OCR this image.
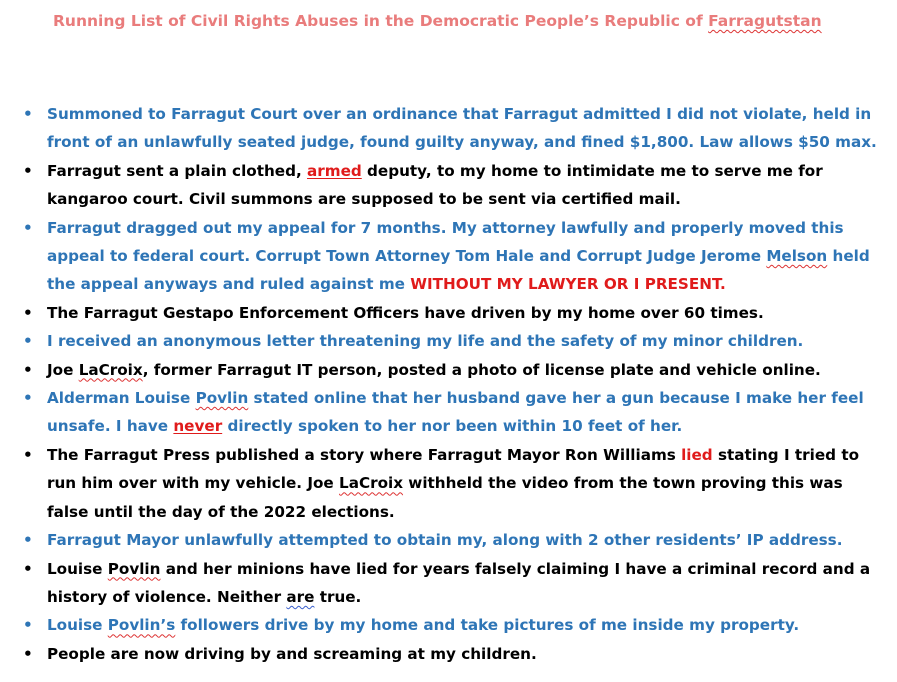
Running List of Civil Rights Abuses in the Democratic People’s Republic of Farragutstan
• Summoned to Farragut Court over an ordinance that Farragut admitted I did not violate, held in front of an unlawfully seated judge, found guilty anyway, and fined $1,800. Law allows $50 max.
• Farragut sent a plain clothed, armed deputy, to my home to intimidate me to serve me for kangaroo court. Civil summons are supposed to be sent via certified mail.
• Farragut dragged out my appeal for 7 months. My attorney lawfully and properly moved this appeal to federal court. Corrupt Town Attorney Tom Hale and Corrupt Judge Jerome Melson held the appeal anyways and ruled against me WITHOUT MY LAWYER OR I PRESENT.
• The Farragut Gestapo Enforcement Officers have driven by my home over 60 times.
• I received an anonymous letter threatening my life and the safety of my minor children.
• Joe LaCroix, former Farragut IT person, posted a photo of license plate and vehicle online.
• Alderman Louise Povlin stated online that her husband gave her a gun because I make her feel unsafe. I have never directly spoken to her nor been within 10 feet of her.
• The Farragut Press published a story where Farragut Mayor Ron Williams lied stating I tried to run him over with my vehicle. Joe LaCroix withheld the video from the town proving this was false until the day of the 2022 elections.
• Farragut Mayor unlawfully attempted to obtain my, along with 2 other residents’ IP address.
• Louise Povlin and her minions have lied for years falsely claiming I have a criminal record and a history of violence. Neither are true.
• Louise Povlin’s followers drive by my home and take pictures of me inside my property.
• People are now driving by and screaming at my children.
